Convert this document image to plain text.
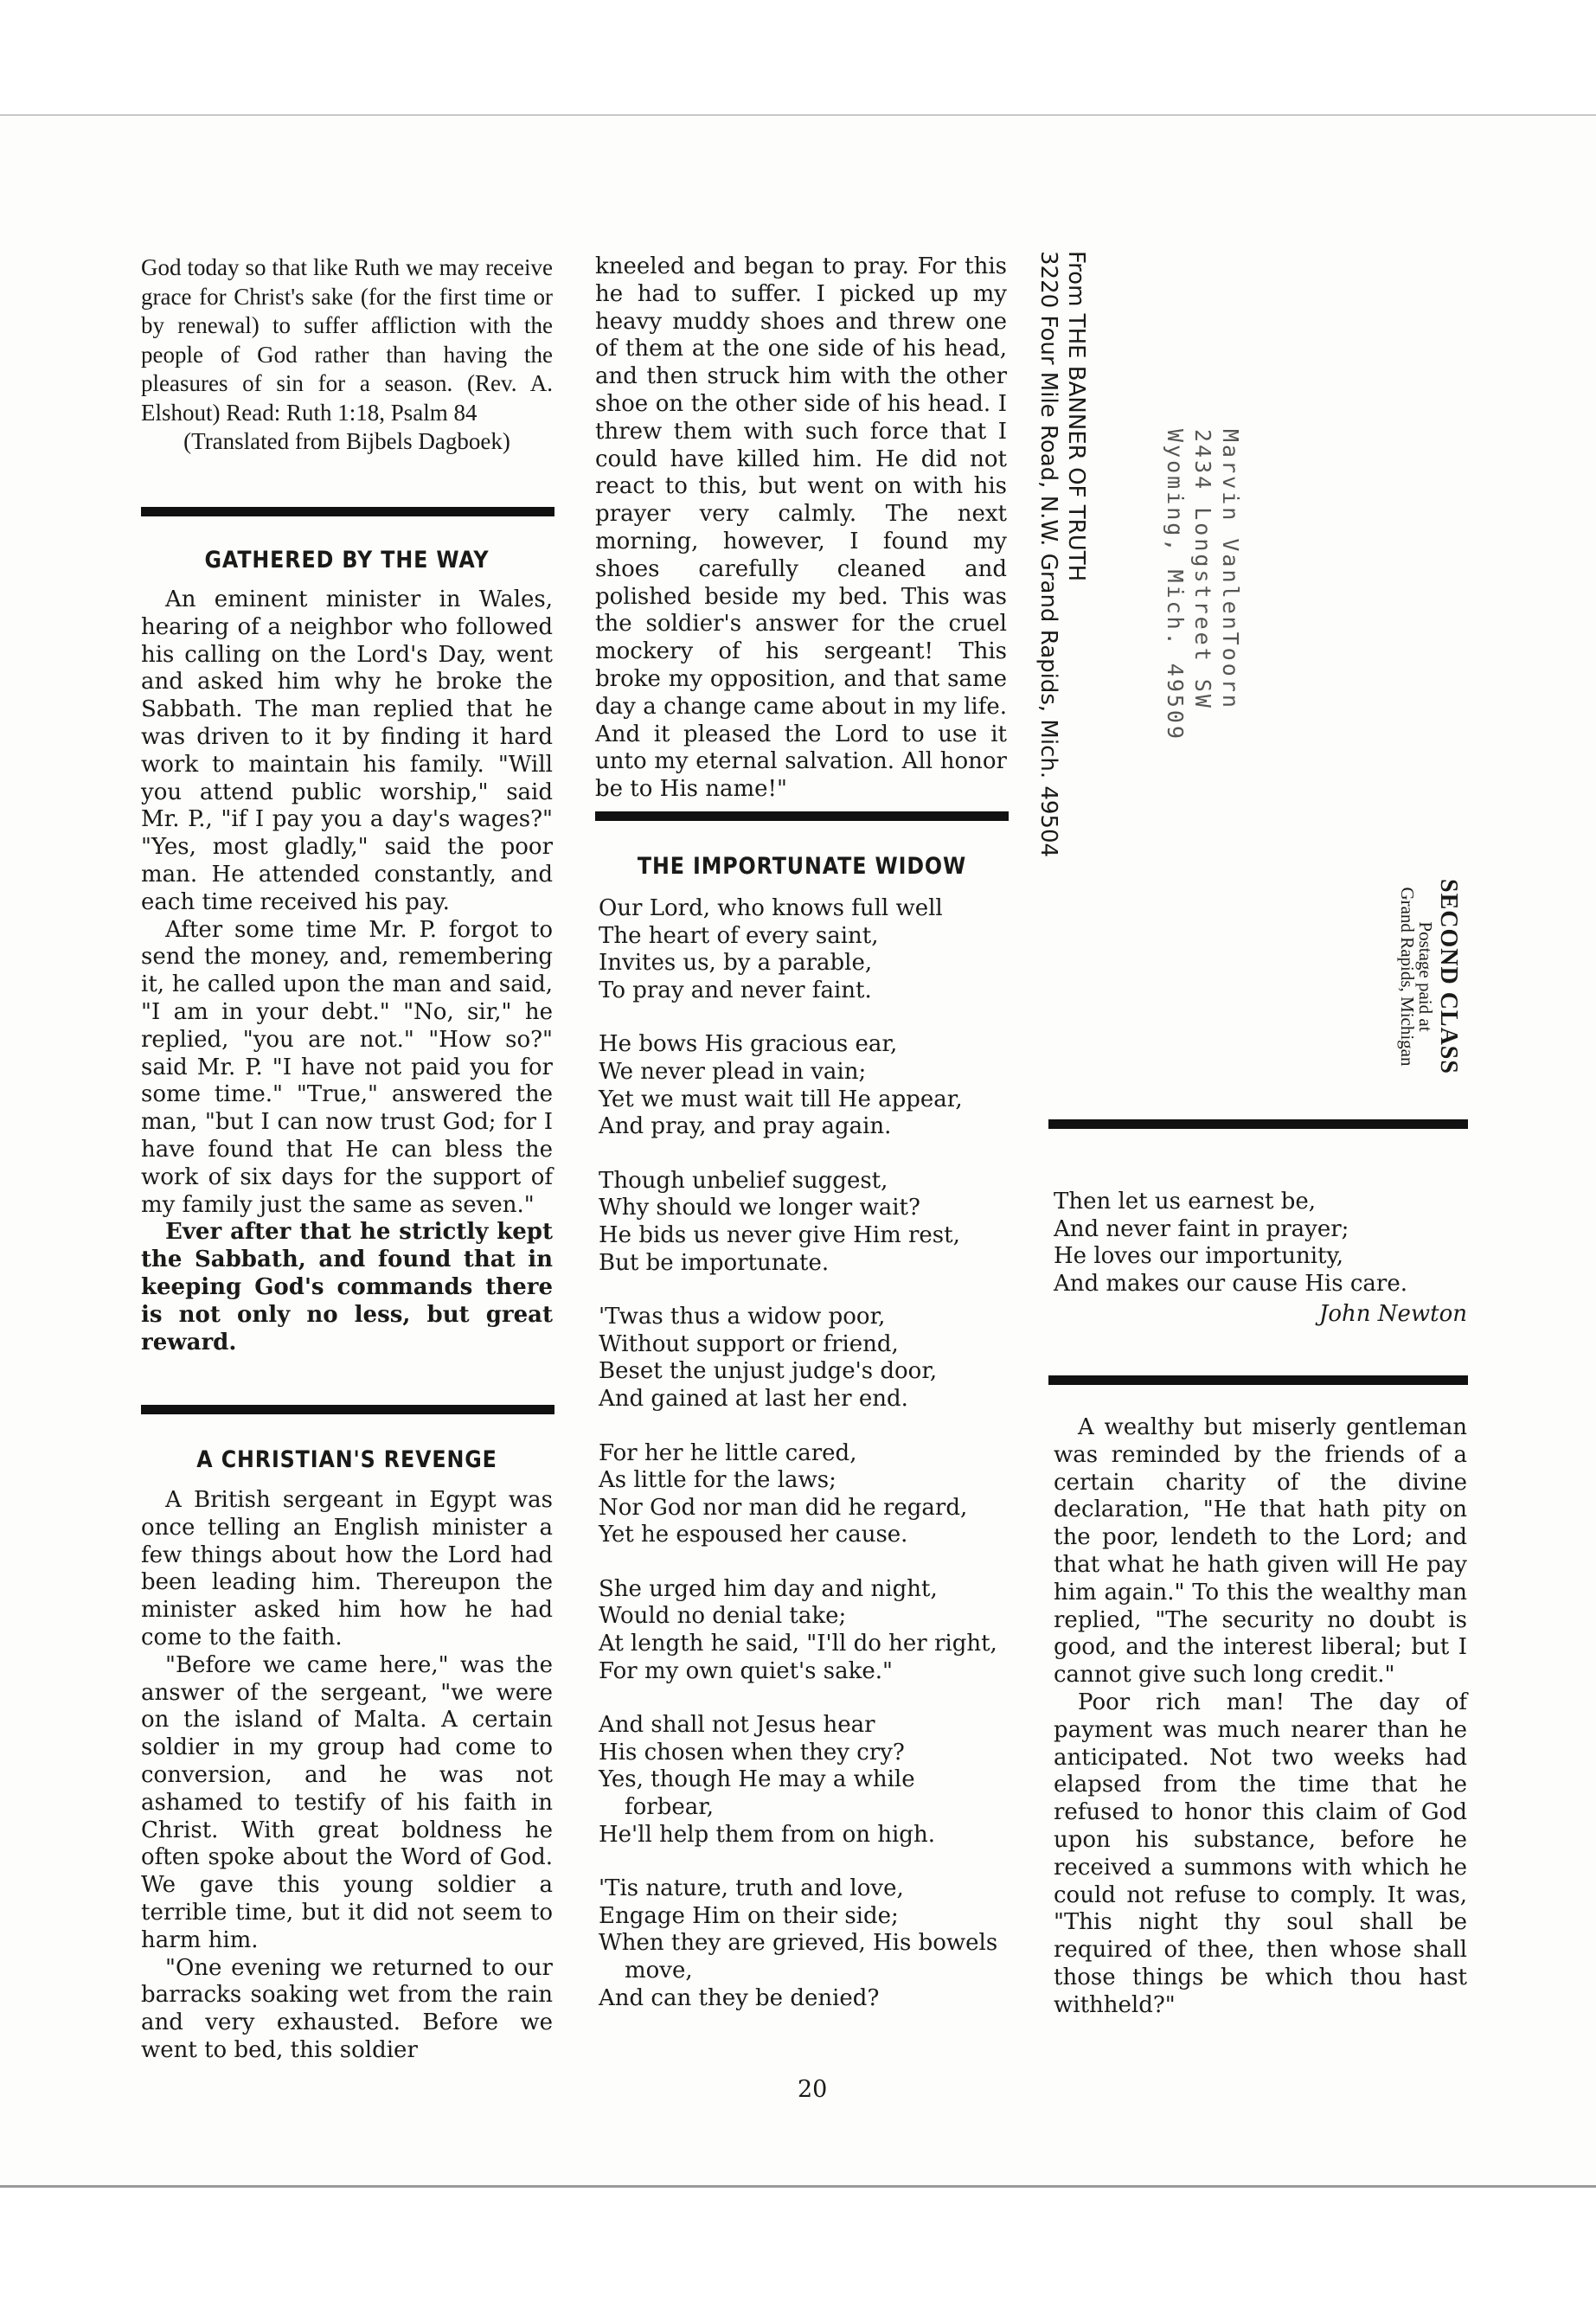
God today so that like Ruth we may receive grace for Christ's sake (for the first time or by renewal) to suffer affliction with the people of God rather than having the pleasures of sin for a season. (Rev. A. Elshout) Read: Ruth 1:18, Psalm 84

(Translated from Bijbels Dagboek)

GATHERED BY THE WAY

An eminent minister in Wales, hearing of a neighbor who followed his calling on the Lord's Day, went and asked him why he broke the Sabbath. The man replied that he was driven to it by finding it hard work to maintain his family. "Will you attend public worship," said Mr. P., "if I pay you a day's wages?" "Yes, most gladly," said the poor man. He attended constantly, and each time received his pay.

After some time Mr. P. forgot to send the money, and, remembering it, he called upon the man and said, "I am in your debt." "No, sir," he replied, "you are not." "How so?" said Mr. P. "I have not paid you for some time." "True," answered the man, "but I can now trust God; for I have found that He can bless the work of six days for the support of my family just the same as seven."

Ever after that he strictly kept the Sabbath, and found that in keeping God's commands there is not only no less, but great reward.

A CHRISTIAN'S REVENGE

A British sergeant in Egypt was once telling an English minister a few things about how the Lord had been leading him. Thereupon the minister asked him how he had come to the faith.

"Before we came here," was the answer of the sergeant, "we were on the island of Malta. A certain soldier in my group had come to conversion, and he was not ashamed to testify of his faith in Christ. With great boldness he often spoke about the Word of God. We gave this young soldier a terrible time, but it did not seem to harm him.

"One evening we returned to our barracks soaking wet from the rain and very exhausted. Before we went to bed, this soldier

kneeled and began to pray. For this he had to suffer. I picked up my heavy muddy shoes and threw one of them at the one side of his head, and then struck him with the other shoe on the other side of his head. I threw them with such force that I could have killed him. He did not react to this, but went on with his prayer very calmly. The next morning, however, I found my shoes carefully cleaned and polished beside my bed. This was the soldier's answer for the cruel mockery of his sergeant! This broke my opposition, and that same day a change came about in my life. And it pleased the Lord to use it unto my eternal salvation. All honor be to His name!"

THE IMPORTUNATE WIDOW
Our Lord, who knows full well
The heart of every saint,
Invites us, by a parable,
To pray and never faint.
He bows His gracious ear,
We never plead in vain;
Yet we must wait till He appear,
And pray, and pray again.
Though unbelief suggest,
Why should we longer wait?
He bids us never give Him rest,
But be importunate.
'Twas thus a widow poor,
Without support or friend,
Beset the unjust judge's door,
And gained at last her end.
For her he little cared,
As little for the laws;
Nor God nor man did he regard,
Yet he espoused her cause.
She urged him day and night,
Would no denial take;
At length he said, "I'll do her right,
For my own quiet's sake."
And shall not Jesus hear
His chosen when they cry?
Yes, though He may a while forbear,
He'll help them from on high.
'Tis nature, truth and love,
Engage Him on their side;
When they are grieved, His bowels move,
And can they be denied?
20
From THE BANNER OF TRUTH
3220 Four Mile Road, N.W. Grand Rapids, Mich. 49504	Marvin VanlenToorn
2434 Longstreet SW
Wyoming, Mich. 49509
SECOND CLASS
Postage paid at
Grand Rapids, Michigan
Then let us earnest be,
And never faint in prayer;
He loves our importunity,
And makes our cause His care.
John Newton

A wealthy but miserly gentleman was reminded by the friends of a certain charity of the divine declaration, "He that hath pity on the poor, lendeth to the Lord; and that what he hath given will He pay him again." To this the wealthy man replied, "The security no doubt is good, and the interest liberal; but I cannot give such long credit."

Poor rich man! The day of payment was much nearer than he anticipated. Not two weeks had elapsed from the time that he refused to honor this claim of God upon his substance, before he received a summons with which he could not refuse to comply. It was, "This night thy soul shall be required of thee, then whose shall those things be which thou hast withheld?"
